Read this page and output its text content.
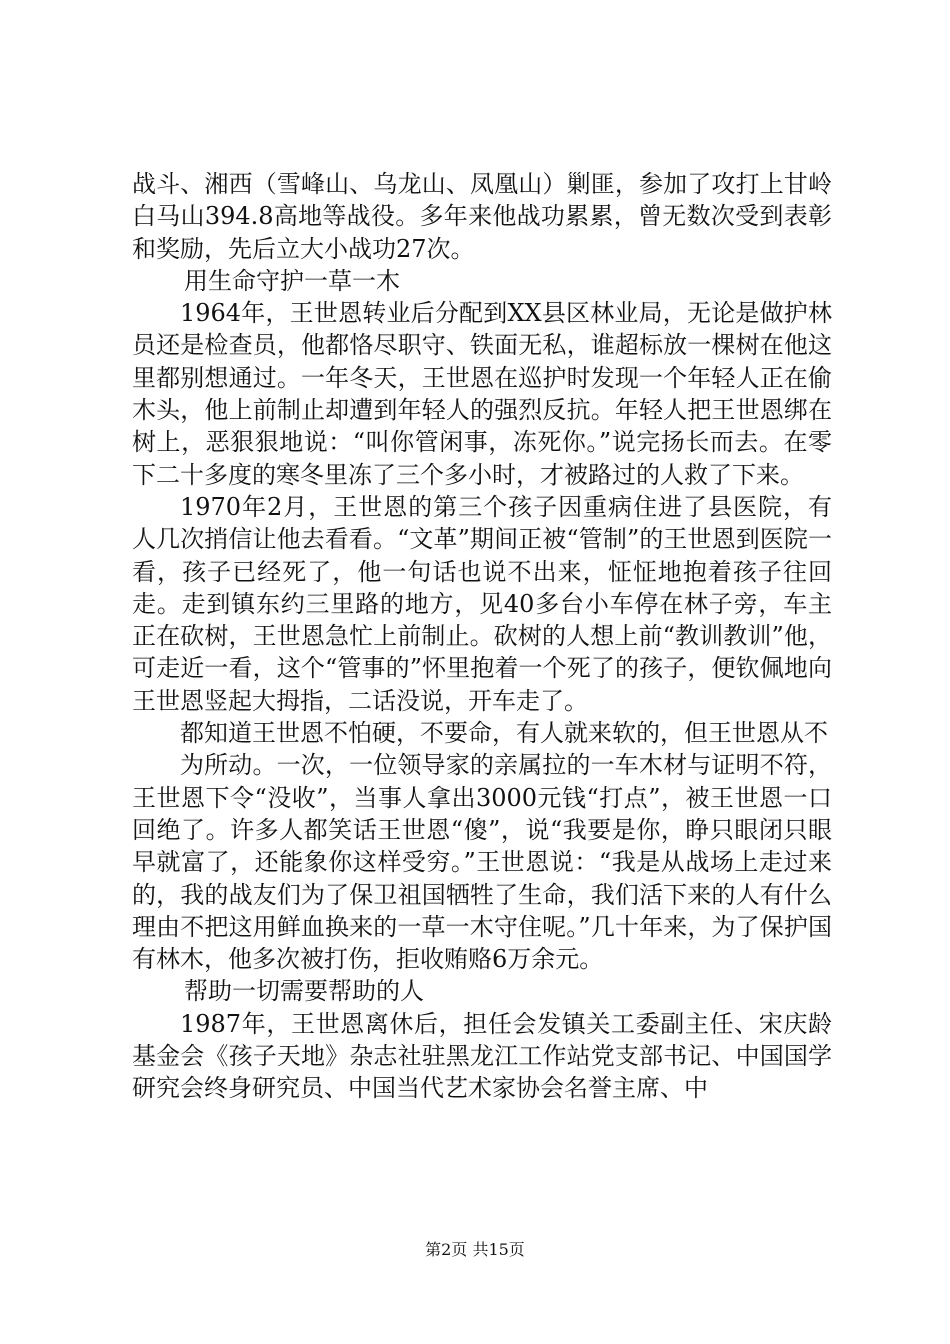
战斗、湘西（雪峰山、乌龙山、凤凰山）剿匪，参加了攻打上甘岭白马山394.8高地等战役。多年来他战功累累，曾无数次受到表彰和奖励，先后立大小战功27次。

用生命守护一草一木

1964年，王世恩转业后分配到XX县区林业局，无论是做护林员还是检查员，他都恪尽职守、铁面无私，谁超标放一棵树在他这里都别想通过。一年冬天，王世恩在巡护时发现一个年轻人正在偷木头，他上前制止却遭到年轻人的强烈反抗。年轻人把王世恩绑在树上，恶狠狠地说：“叫你管闲事，冻死你。”说完扬长而去。在零下二十多度的寒冬里冻了三个多小时，才被路过的人救了下来。

1970年2月，王世恩的第三个孩子因重病住进了县医院，有人几次捎信让他去看看。“文革”期间正被“管制”的王世恩到医院一看，孩子已经死了，他一句话也说不出来，怔怔地抱着孩子往回走。走到镇东约三里路的地方，见40多台小车停在林子旁，车主正在砍树，王世恩急忙上前制止。砍树的人想上前“教训教训”他，可走近一看，这个“管事的”怀里抱着一个死了的孩子，便钦佩地向王世恩竖起大拇指，二话没说，开车走了。

都知道王世恩不怕硬，不要命，有人就来软的，但王世恩从不

为所动。一次，一位领导家的亲属拉的一车木材与证明不符，王世恩下令“没收”，当事人拿出3000元钱“打点”，被王世恩一口回绝了。许多人都笑话王世恩“傻”，说“我要是你，睁只眼闭只眼早就富了，还能象你这样受穷。”王世恩说：“我是从战场上走过来的，我的战友们为了保卫祖国牺牲了生命，我们活下来的人有什么理由不把这用鲜血换来的一草一木守住呢。”几十年来，为了保护国有林木，他多次被打伤，拒收贿赂6万余元。

帮助一切需要帮助的人

1987年，王世恩离休后，担任会发镇关工委副主任、宋庆龄基金会《孩子天地》杂志社驻黑龙江工作站党支部书记、中国国学研究会终身研究员、中国当代艺术家协会名誉主席、中

第2页 共15页
